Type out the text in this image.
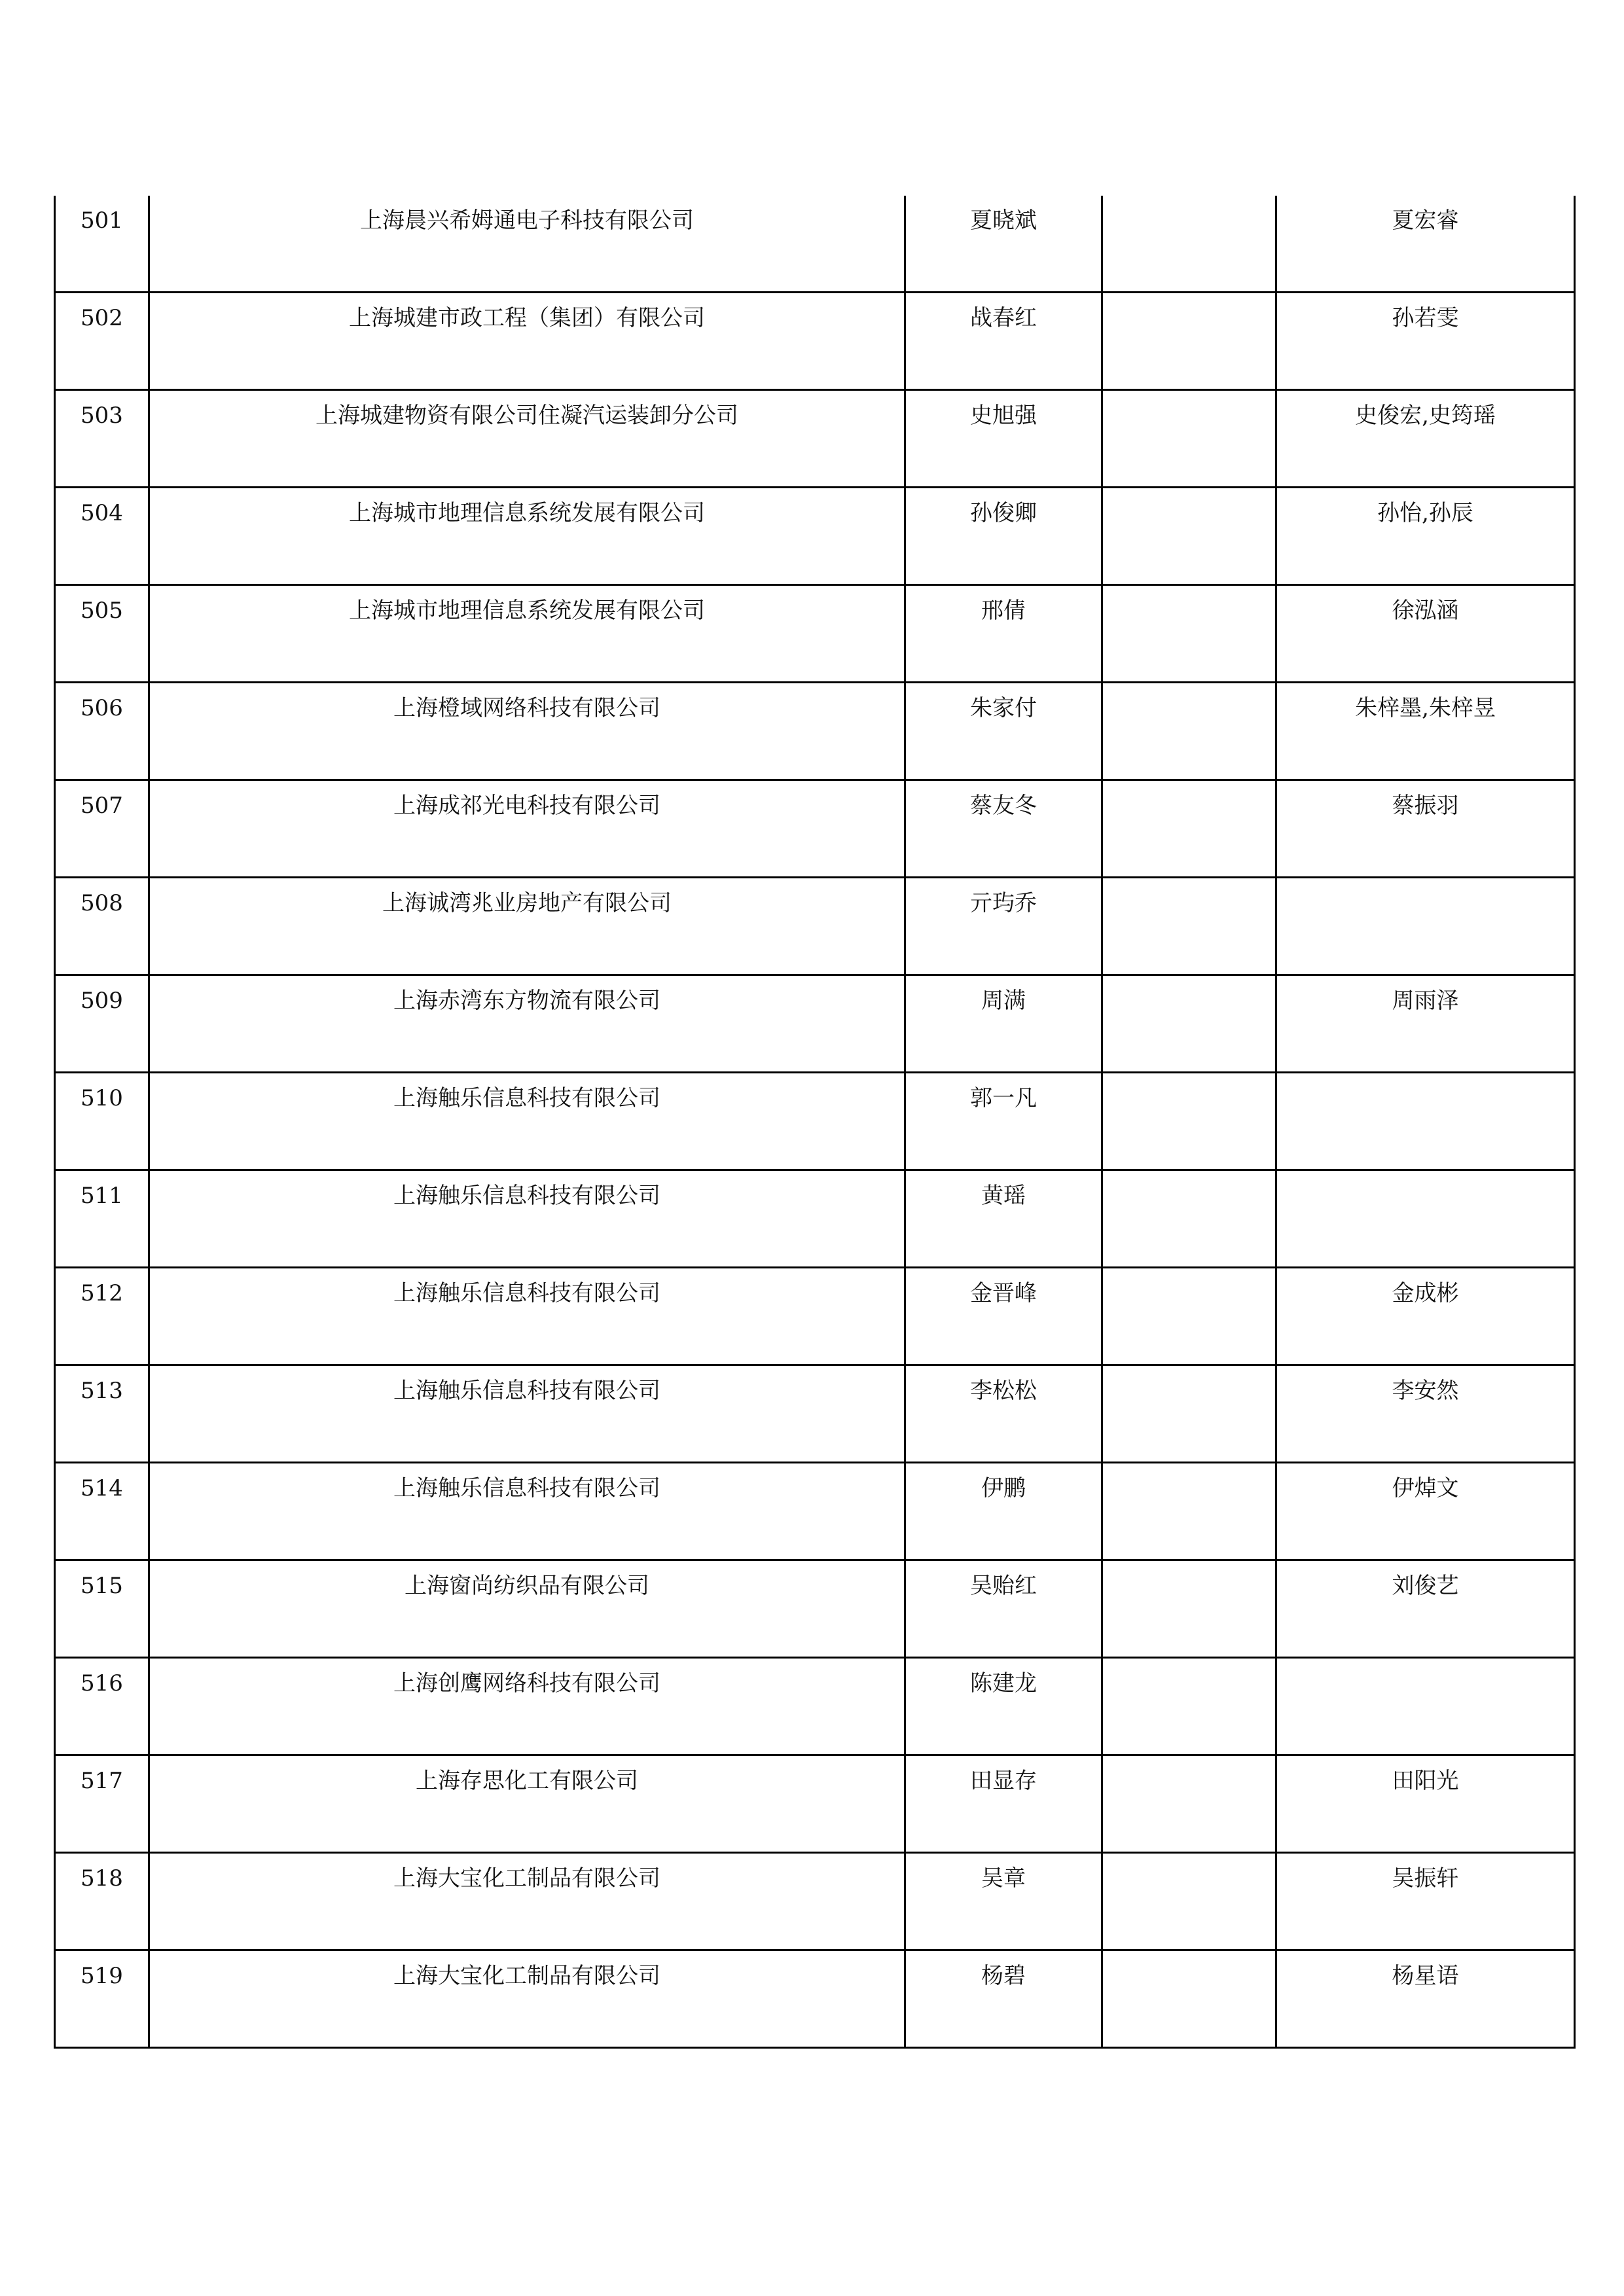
501	上海晨兴希姆通电子科技有限公司	夏晓斌		夏宏睿

502	上海城建市政工程（集团）有限公司	战春红		孙若雯

503	上海城建物资有限公司住凝汽运装卸分公司	史旭强		史俊宏,史筠瑶

504	上海城市地理信息系统发展有限公司	孙俊卿		孙怡,孙辰

505	上海城市地理信息系统发展有限公司	邢倩		徐泓涵

506	上海橙域网络科技有限公司	朱家付		朱梓墨,朱梓昱

507	上海成祁光电科技有限公司	蔡友冬		蔡振羽

508	上海诚湾兆业房地产有限公司	亓玙乔		

509	上海赤湾东方物流有限公司	周满		周雨泽

510	上海触乐信息科技有限公司	郭一凡		

511	上海触乐信息科技有限公司	黄瑶		

512	上海触乐信息科技有限公司	金晋峰		金成彬

513	上海触乐信息科技有限公司	李松松		李安然

514	上海触乐信息科技有限公司	伊鹏		伊焯文

515	上海窗尚纺织品有限公司	吴贻红		刘俊艺

516	上海创鹰网络科技有限公司	陈建龙		

517	上海存思化工有限公司	田显存		田阳光

518	上海大宝化工制品有限公司	吴章		吴振轩

519	上海大宝化工制品有限公司	杨碧		杨星语
